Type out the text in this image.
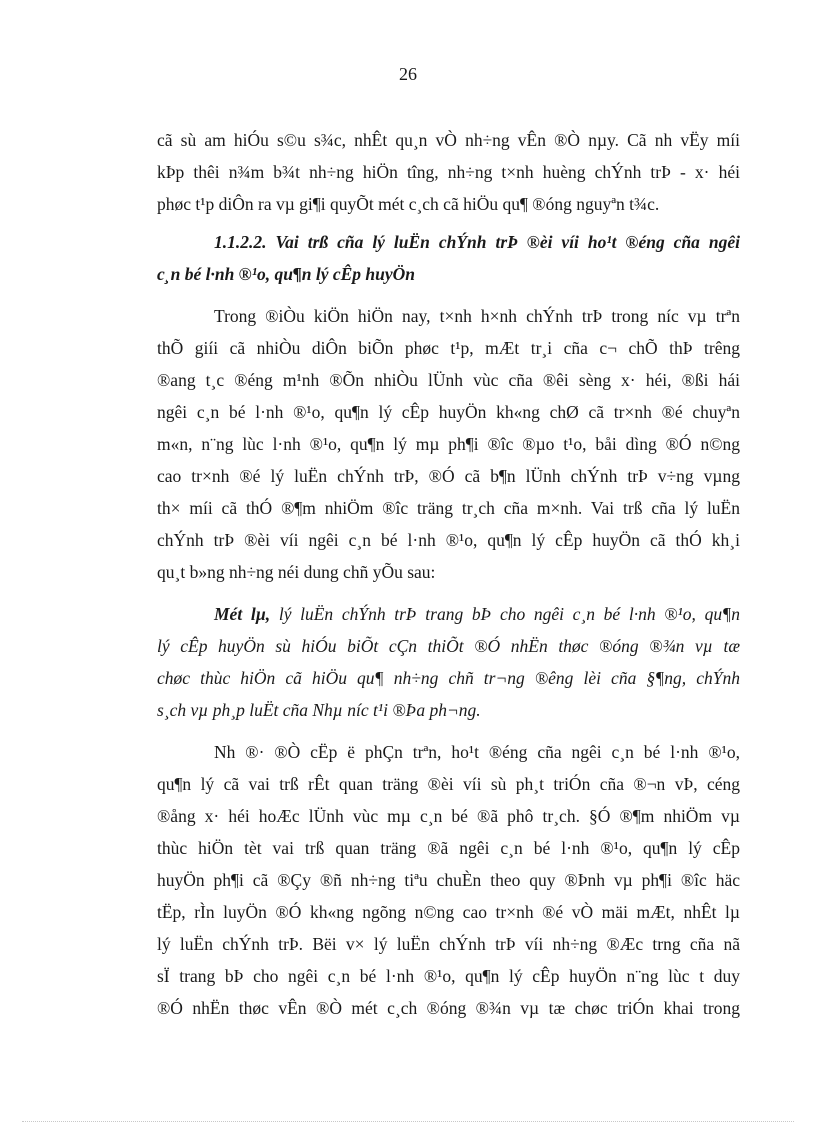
26
cã sù am hiÓu s©u s¾c, nhÊt qu¸n vÒ nh÷ng vÊn ®Ò nµy. Cã nh vËy míi
kÞp thêi n¾m b¾t nh÷ng hiÖn tîng, nh÷ng t×nh huèng chÝnh trÞ - x· héi
phøc t¹p diÔn ra vµ gi¶i quyÕt mét c¸ch cã hiÖu qu¶ ®óng nguyªn t¾c.
1.1.2.2. Vai trß cña lý luËn chÝnh trÞ ®èi víi ho¹t ®éng cña ngêi
c¸n bé l·nh ®¹o, qu¶n lý cÊp huyÖn
Trong ®iÒu kiÖn hiÖn nay, t×nh h×nh chÝnh trÞ trong níc vµ trªn
thÕ giíi cã nhiÒu diÔn biÕn phøc t¹p, mÆt tr¸i cña c¬ chÕ thÞ trêng
®ang t¸c ®éng m¹nh ®Õn nhiÒu lÜnh vùc cña ®êi sèng x· héi, ®ßi hái
ngêi c¸n bé l·nh ®¹o, qu¶n lý cÊp huyÖn kh«ng chØ cã tr×nh ®é chuyªn
m«n, n¨ng lùc l·nh ®¹o, qu¶n lý mµ ph¶i ®îc ®µo t¹o, båi dìng ®Ó n©ng
cao tr×nh ®é lý luËn chÝnh trÞ, ®Ó cã b¶n lÜnh chÝnh trÞ v÷ng vµng
th× míi cã thÓ ®¶m nhiÖm ®îc träng tr¸ch cña m×nh. Vai trß cña lý luËn
chÝnh trÞ ®èi víi ngêi c¸n bé l·nh ®¹o, qu¶n lý cÊp huyÖn cã thÓ kh¸i
qu¸t b»ng nh÷ng néi dung chñ yÕu sau:
Mét lµ, lý luËn chÝnh trÞ trang bÞ cho ngêi c¸n bé l·nh ®¹o, qu¶n
lý cÊp huyÖn sù hiÓu biÕt cÇn thiÕt ®Ó nhËn thøc ®óng ®¾n vµ tæ
chøc thùc hiÖn cã hiÖu qu¶ nh÷ng chñ tr¬ng ®êng lèi cña §¶ng, chÝnh
s¸ch vµ ph¸p luËt cña Nhµ níc t¹i ®Þa ph¬ng.
Nh ®· ®Ò cËp ë phÇn trªn, ho¹t ®éng cña ngêi c¸n bé l·nh ®¹o,
qu¶n lý cã vai trß rÊt quan träng ®èi víi sù ph¸t triÓn cña ®¬n vÞ, céng
®ång x· héi hoÆc lÜnh vùc mµ c¸n bé ®ã phô tr¸ch. §Ó ®¶m nhiÖm vµ
thùc hiÖn tèt vai trß quan träng ®ã ngêi c¸n bé l·nh ®¹o, qu¶n lý cÊp
huyÖn ph¶i cã ®Çy ®ñ nh÷ng tiªu chuÈn theo quy ®Þnh vµ ph¶i ®îc häc
tËp, rÌn luyÖn ®Ó kh«ng ngõng n©ng cao tr×nh ®é vÒ mäi mÆt, nhÊt lµ
lý luËn chÝnh trÞ. Bëi v× lý luËn chÝnh trÞ víi nh÷ng ®Æc trng cña nã
sÏ trang bÞ cho ngêi c¸n bé l·nh ®¹o, qu¶n lý cÊp huyÖn n¨ng lùc t duy
®Ó nhËn thøc vÊn ®Ò mét c¸ch ®óng ®¾n vµ tæ chøc triÓn khai trong
